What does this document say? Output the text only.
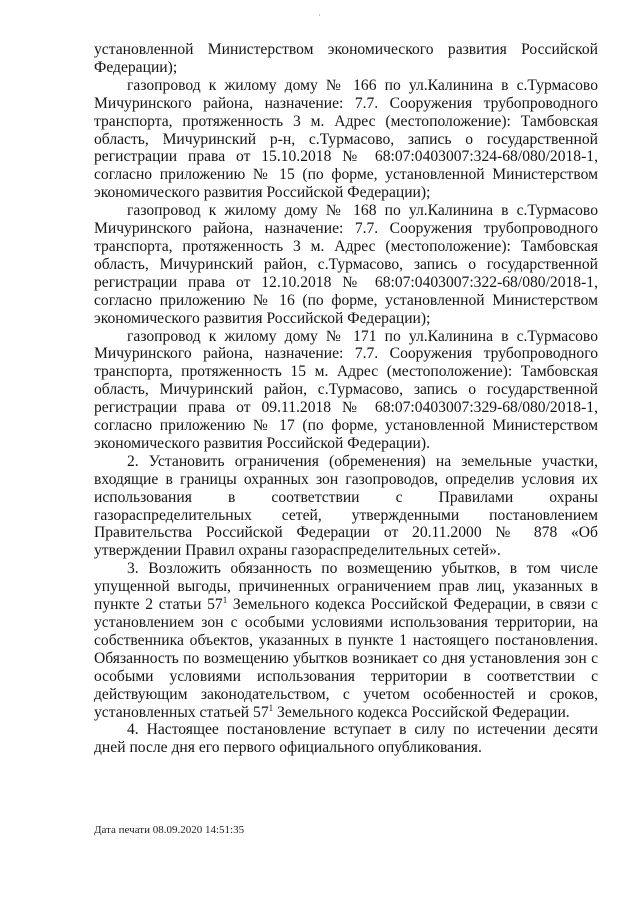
·

установленной Министерством экономического развития Российской Федерации);

газопровод к жилому дому № 166 по ул.Калинина в с.Турмасово Мичуринского района, назначение: 7.7. Сооружения трубопроводного транспорта, протяженность 3 м. Адрес (местоположение): Тамбовская область, Мичуринский р-н, с.Турмасово, запись о государственной регистрации права от 15.10.2018 № 68:07:0403007:324-68/080/2018-1, согласно приложению № 15 (по форме, установленной Министерством экономического развития Российской Федерации);

газопровод к жилому дому № 168 по ул.Калинина в с.Турмасово Мичуринского района, назначение: 7.7. Сооружения трубопроводного транспорта, протяженность 3 м. Адрес (местоположение): Тамбовская область, Мичуринский район, с.Турмасово, запись о государственной регистрации права от 12.10.2018 № 68:07:0403007:322-68/080/2018-1, согласно приложению № 16 (по форме, установленной Министерством экономического развития Российской Федерации);

газопровод к жилому дому № 171 по ул.Калинина в с.Турмасово Мичуринского района, назначение: 7.7. Сооружения трубопроводного транспорта, протяженность 15 м. Адрес (местоположение): Тамбовская область, Мичуринский район, с.Турмасово, запись о государственной регистрации права от 09.11.2018 № 68:07:0403007:329-68/080/2018-1, согласно приложению № 17 (по форме, установленной Министерством экономического развития Российской Федерации).

2. Установить ограничения (обременения) на земельные участки, входящие в границы охранных зон газопроводов, определив условия их использования в соответствии с Правилами охраны газораспределительных сетей, утвержденными постановлением Правительства Российской Федерации от 20.11.2000 № 878 «Об утверждении Правил охраны газораспределительных сетей».

3. Возложить обязанность по возмещению убытков, в том числе упущенной выгоды, причиненных ограничением прав лиц, указанных в пункте 2 статьи $57^1$ Земельного кодекса Российской Федерации, в связи с установлением зон с особыми условиями использования территории, на собственника объектов, указанных в пункте 1 настоящего постановления. Обязанность по возмещению убытков возникает со дня установления зон с особыми условиями использования территории в соответствии с действующим законодательством, с учетом особенностей и сроков, установленных статьей $57^1$ Земельного кодекса Российской Федерации.

4. Настоящее постановление вступает в силу по истечении десяти дней после дня его первого официального опубликования.

Дата печати 08.09.2020 14:51:35
